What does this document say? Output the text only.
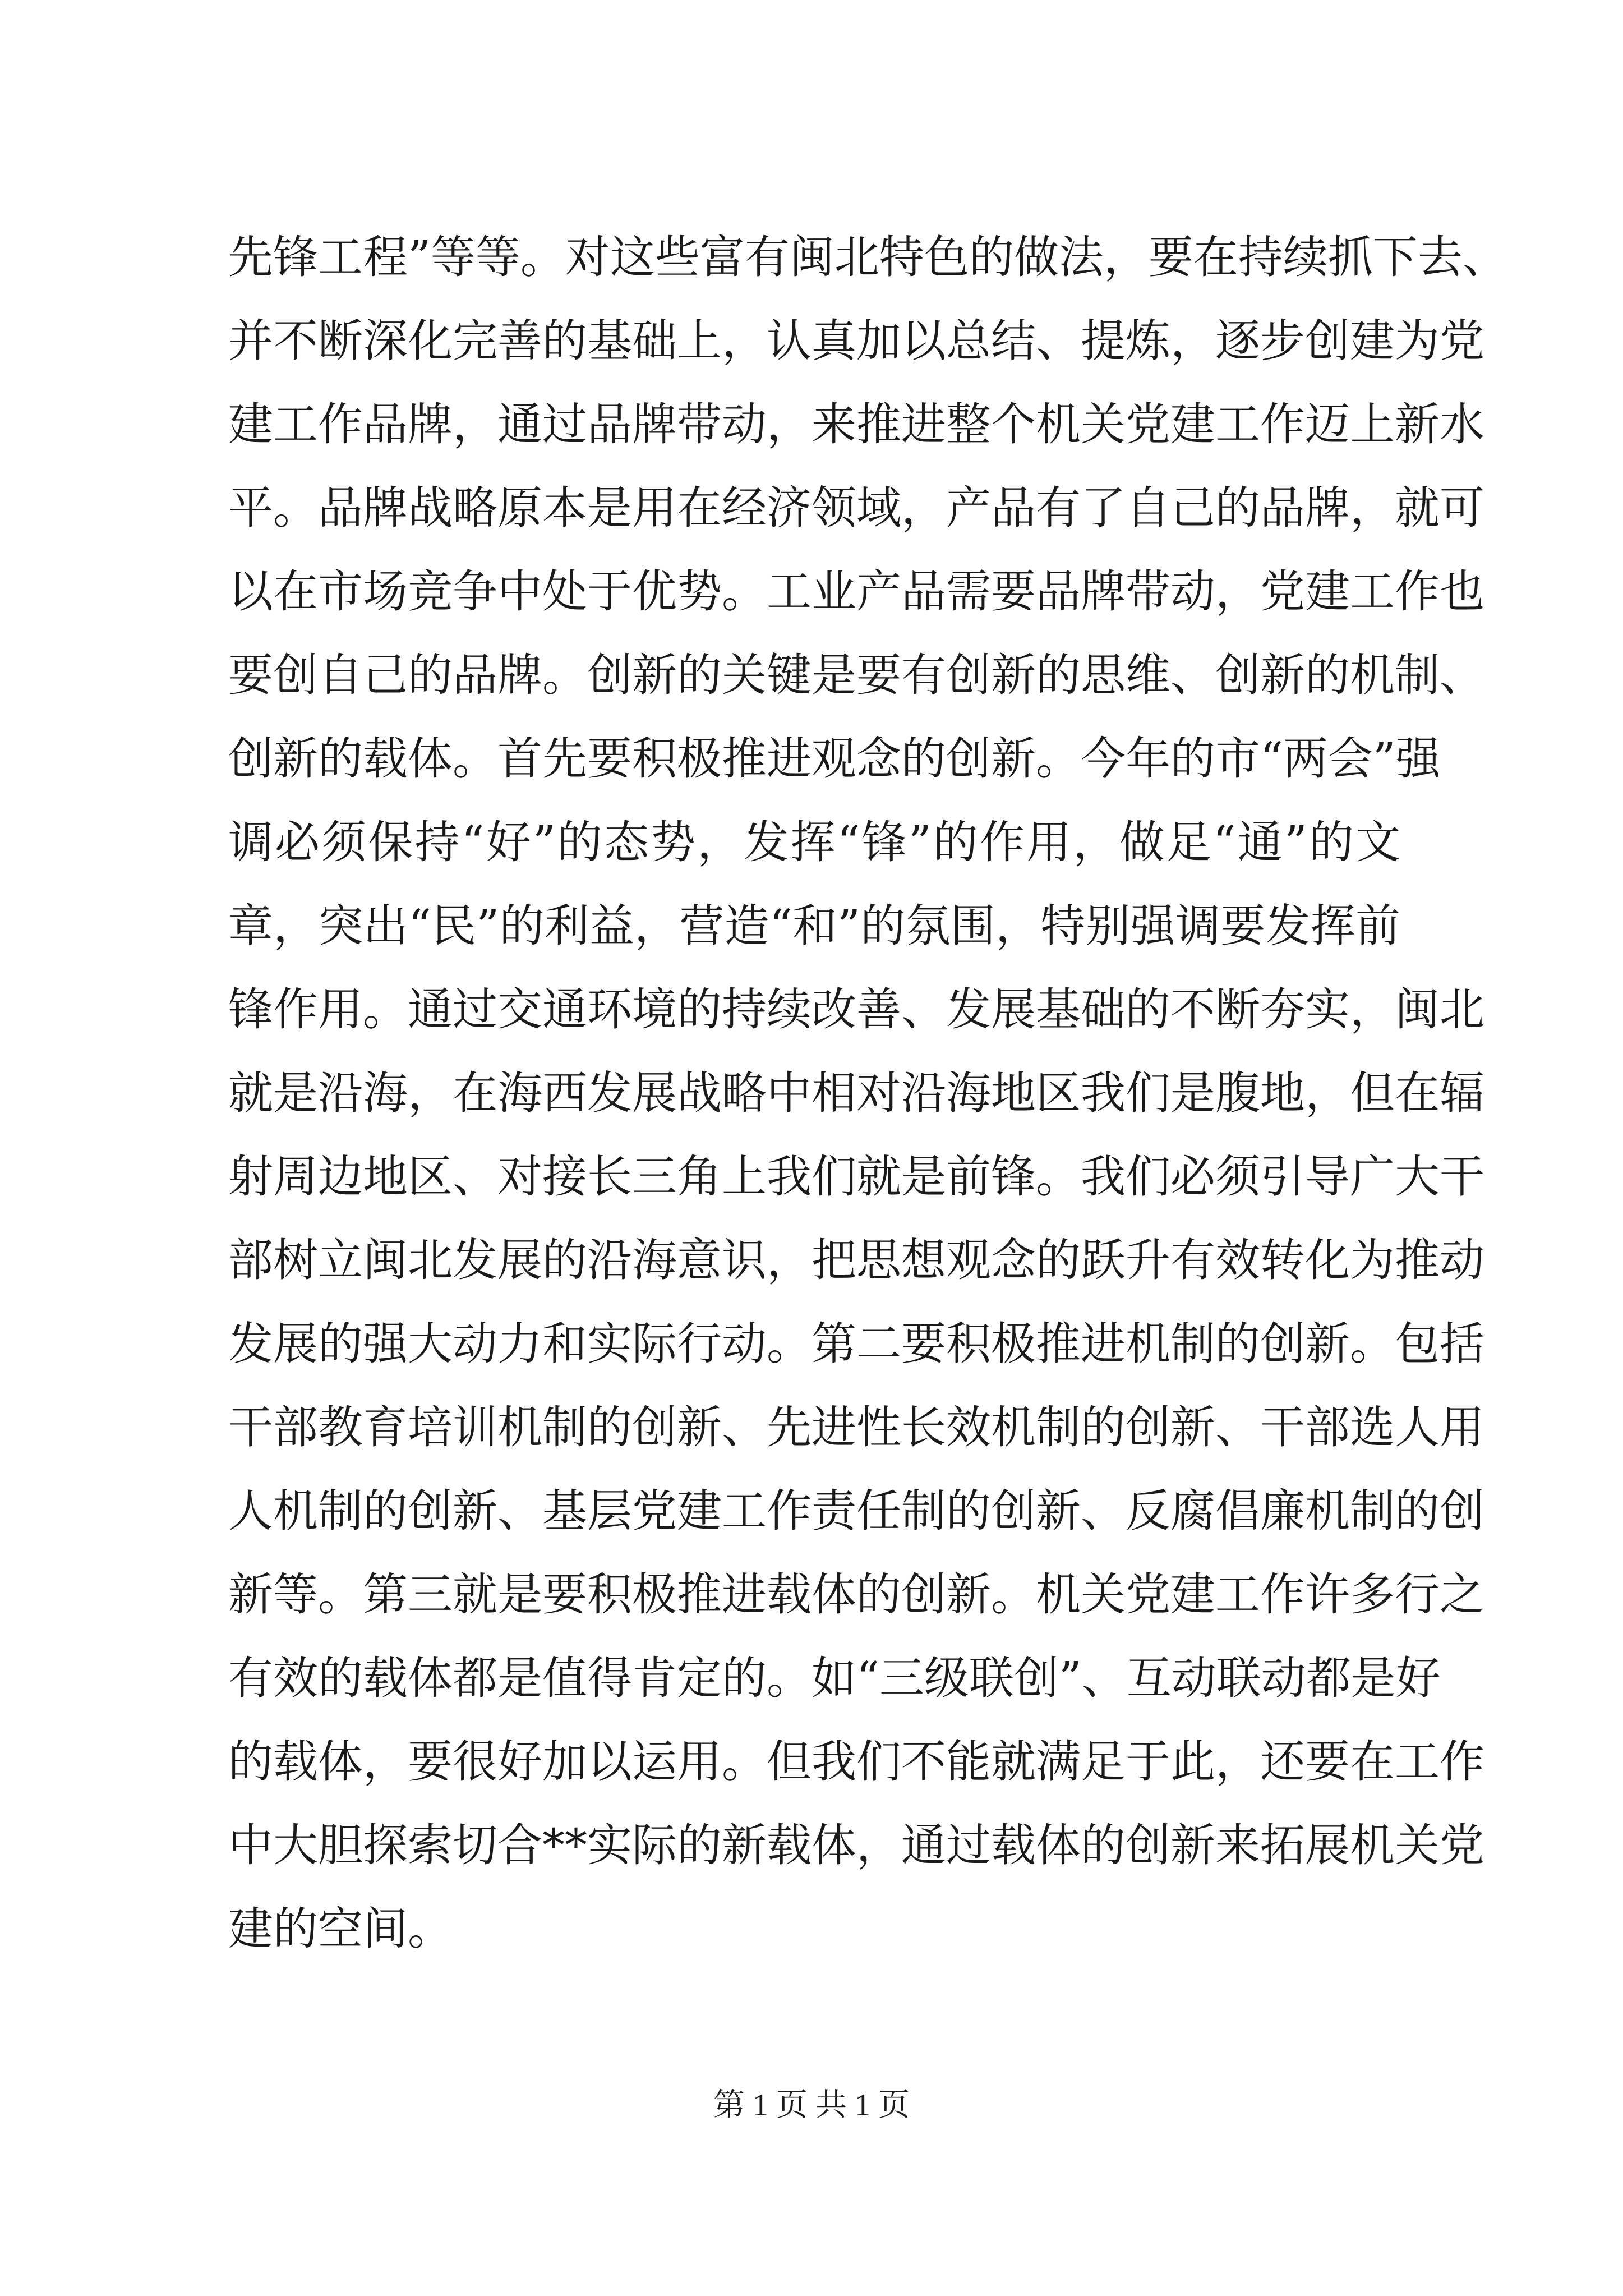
先锋工程”等等。对这些富有闽北特色的做法，要在持续抓下去、
并不断深化完善的基础上，认真加以总结、提炼，逐步创建为党
建工作品牌，通过品牌带动，来推进整个机关党建工作迈上新水
平。品牌战略原本是用在经济领域，产品有了自己的品牌，就可
以在市场竞争中处于优势。工业产品需要品牌带动，党建工作也
要创自己的品牌。创新的关键是要有创新的思维、创新的机制、
创新的载体。首先要积极推进观念的创新。今年的市“两会”强
调必须保持“好”的态势，发挥“锋”的作用，做足“通”的文
章，突出“民”的利益，营造“和”的氛围，特别强调要发挥前
锋作用。通过交通环境的持续改善、发展基础的不断夯实，闽北
就是沿海，在海西发展战略中相对沿海地区我们是腹地，但在辐
射周边地区、对接长三角上我们就是前锋。我们必须引导广大干
部树立闽北发展的沿海意识，把思想观念的跃升有效转化为推动
发展的强大动力和实际行动。第二要积极推进机制的创新。包括
干部教育培训机制的创新、先进性长效机制的创新、干部选人用
人机制的创新、基层党建工作责任制的创新、反腐倡廉机制的创
新等。第三就是要积极推进载体的创新。机关党建工作许多行之
有效的载体都是值得肯定的。如“三级联创”、互动联动都是好
的载体，要很好加以运用。但我们不能就满足于此，还要在工作
中大胆探索切合**实际的新载体，通过载体的创新来拓展机关党
建的空间。
第 1 页 共 1 页
